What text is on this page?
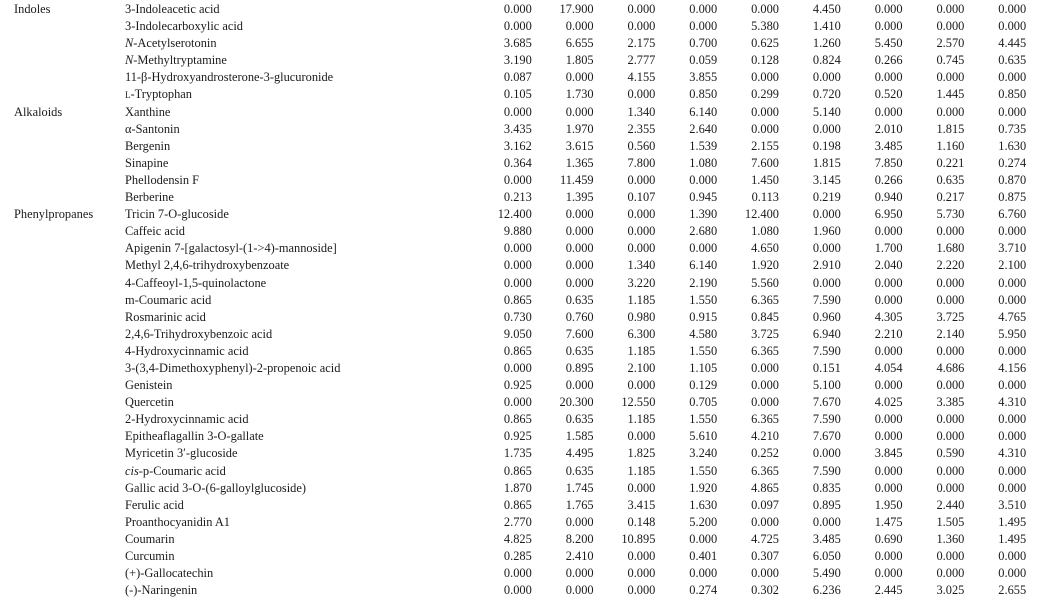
Indoles	3-Indoleacetic acid	0.000	17.900	0.000	0.000	0.000	4.450	0.000	0.000	0.000
3-Indolecarboxylic acid	0.000	0.000	0.000	0.000	5.380	1.410	0.000	0.000	0.000
N-Acetylserotonin	3.685	6.655	2.175	0.700	0.625	1.260	5.450	2.570	4.445
N-Methyltryptamine	3.190	1.805	2.777	0.059	0.128	0.824	0.266	0.745	0.635
11-β-Hydroxyandrosterone-3-glucuronide	0.087	0.000	4.155	3.855	0.000	0.000	0.000	0.000	0.000
l-Tryptophan	0.105	1.730	0.000	0.850	0.299	0.720	0.520	1.445	0.850
Alkaloids	Xanthine	0.000	0.000	1.340	6.140	0.000	5.140	0.000	0.000	0.000
α-Santonin	3.435	1.970	2.355	2.640	0.000	0.000	2.010	1.815	0.735
Bergenin	3.162	3.615	0.560	1.539	2.155	0.198	3.485	1.160	1.630
Sinapine	0.364	1.365	7.800	1.080	7.600	1.815	7.850	0.221	0.274
Phellodensin F	0.000	11.459	0.000	0.000	1.450	3.145	0.266	0.635	0.870
Berberine	0.213	1.395	0.107	0.945	0.113	0.219	0.940	0.217	0.875
Phenylpropanes	Tricin 7-O-glucoside	12.400	0.000	0.000	1.390	12.400	0.000	6.950	5.730	6.760
Caffeic acid	9.880	0.000	0.000	2.680	1.080	1.960	0.000	0.000	0.000
Apigenin 7-[galactosyl-(1->4)-mannoside]	0.000	0.000	0.000	0.000	4.650	0.000	1.700	1.680	3.710
Methyl 2,4,6-trihydroxybenzoate	0.000	0.000	1.340	6.140	1.920	2.910	2.040	2.220	2.100
4-Caffeoyl-1,5-quinolactone	0.000	0.000	3.220	2.190	5.560	0.000	0.000	0.000	0.000
m-Coumaric acid	0.865	0.635	1.185	1.550	6.365	7.590	0.000	0.000	0.000
Rosmarinic acid	0.730	0.760	0.980	0.915	0.845	0.960	4.305	3.725	4.765
2,4,6-Trihydroxybenzoic acid	9.050	7.600	6.300	4.580	3.725	6.940	2.210	2.140	5.950
4-Hydroxycinnamic acid	0.865	0.635	1.185	1.550	6.365	7.590	0.000	0.000	0.000
3-(3,4-Dimethoxyphenyl)-2-propenoic acid	0.000	0.895	2.100	1.105	0.000	0.151	4.054	4.686	4.156
Genistein	0.925	0.000	0.000	0.129	0.000	5.100	0.000	0.000	0.000
Quercetin	0.000	20.300	12.550	0.705	0.000	7.670	4.025	3.385	4.310
2-Hydroxycinnamic acid	0.865	0.635	1.185	1.550	6.365	7.590	0.000	0.000	0.000
Epitheaflagallin 3-O-gallate	0.925	1.585	0.000	5.610	4.210	7.670	0.000	0.000	0.000
Myricetin 3′-glucoside	1.735	4.495	1.825	3.240	0.252	0.000	3.845	0.590	4.310
cis-p-Coumaric acid	0.865	0.635	1.185	1.550	6.365	7.590	0.000	0.000	0.000
Gallic acid 3-O-(6-galloylglucoside)	1.870	1.745	0.000	1.920	4.865	0.835	0.000	0.000	0.000
Ferulic acid	0.865	1.765	3.415	1.630	0.097	0.895	1.950	2.440	3.510
Proanthocyanidin A1	2.770	0.000	0.148	5.200	0.000	0.000	1.475	1.505	1.495
Coumarin	4.825	8.200	10.895	0.000	4.725	3.485	0.690	1.360	1.495
Curcumin	0.285	2.410	0.000	0.401	0.307	6.050	0.000	0.000	0.000
(+)-Gallocatechin	0.000	0.000	0.000	0.000	0.000	5.490	0.000	0.000	0.000
(-)-Naringenin	0.000	0.000	0.000	0.274	0.302	6.236	2.445	3.025	2.655
